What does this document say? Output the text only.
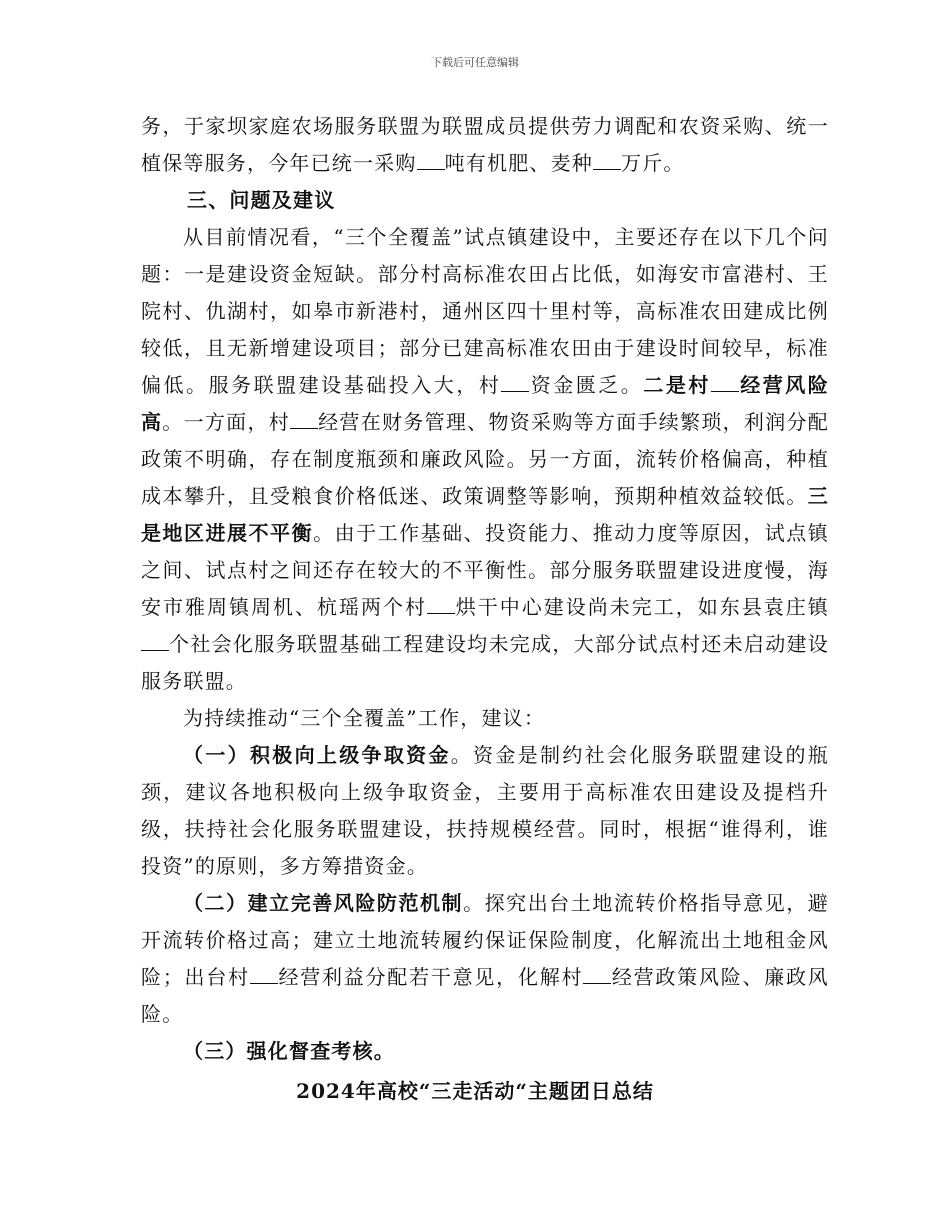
下载后可任意编辑

务，于家坝家庭农场服务联盟为联盟成员提供劳力调配和农资采购、统一植保等服务，今年已统一采购 吨有机肥、麦种 万斤。

三、问题及建议

从目前情况看，“三个全覆盖”试点镇建设中，主要还存在以下几个问题：一是建设资金短缺。部分村高标准农田占比低，如海安市富港村、王院村、仇湖村，如皋市新港村，通州区四十里村等，高标准农田建成比例较低，且无新增建设项目；部分已建高标准农田由于建设时间较早，标准偏低。服务联盟建设基础投入大，村 资金匮乏。二是村 经营风险高。一方面，村 经营在财务管理、物资采购等方面手续繁琐，利润分配政策不明确，存在制度瓶颈和廉政风险。另一方面，流转价格偏高，种植成本攀升，且受粮食价格低迷、政策调整等影响，预期种植效益较低。三是地区进展不平衡。由于工作基础、投资能力、推动力度等原因，试点镇之间、试点村之间还存在较大的不平衡性。部分服务联盟建设进度慢，海安市雅周镇周机、杭瑶两个村 烘干中心建设尚未完工，如东县袁庄镇个社会化服务联盟基础工程建设均未完成，大部分试点村还未启动建设服务联盟。

为持续推动“三个全覆盖”工作，建议：

（一）积极向上级争取资金。资金是制约社会化服务联盟建设的瓶颈，建议各地积极向上级争取资金，主要用于高标准农田建设及提档升级，扶持社会化服务联盟建设，扶持规模经营。同时，根据“谁得利，谁投资”的原则，多方筹措资金。

（二）建立完善风险防范机制。探究出台土地流转价格指导意见，避开流转价格过高；建立土地流转履约保证保险制度，化解流出土地租金风险；出台村 经营利益分配若干意见，化解村 经营政策风险、廉政风险。

（三）强化督查考核。

2024年高校“三走活动“主题团日总结
